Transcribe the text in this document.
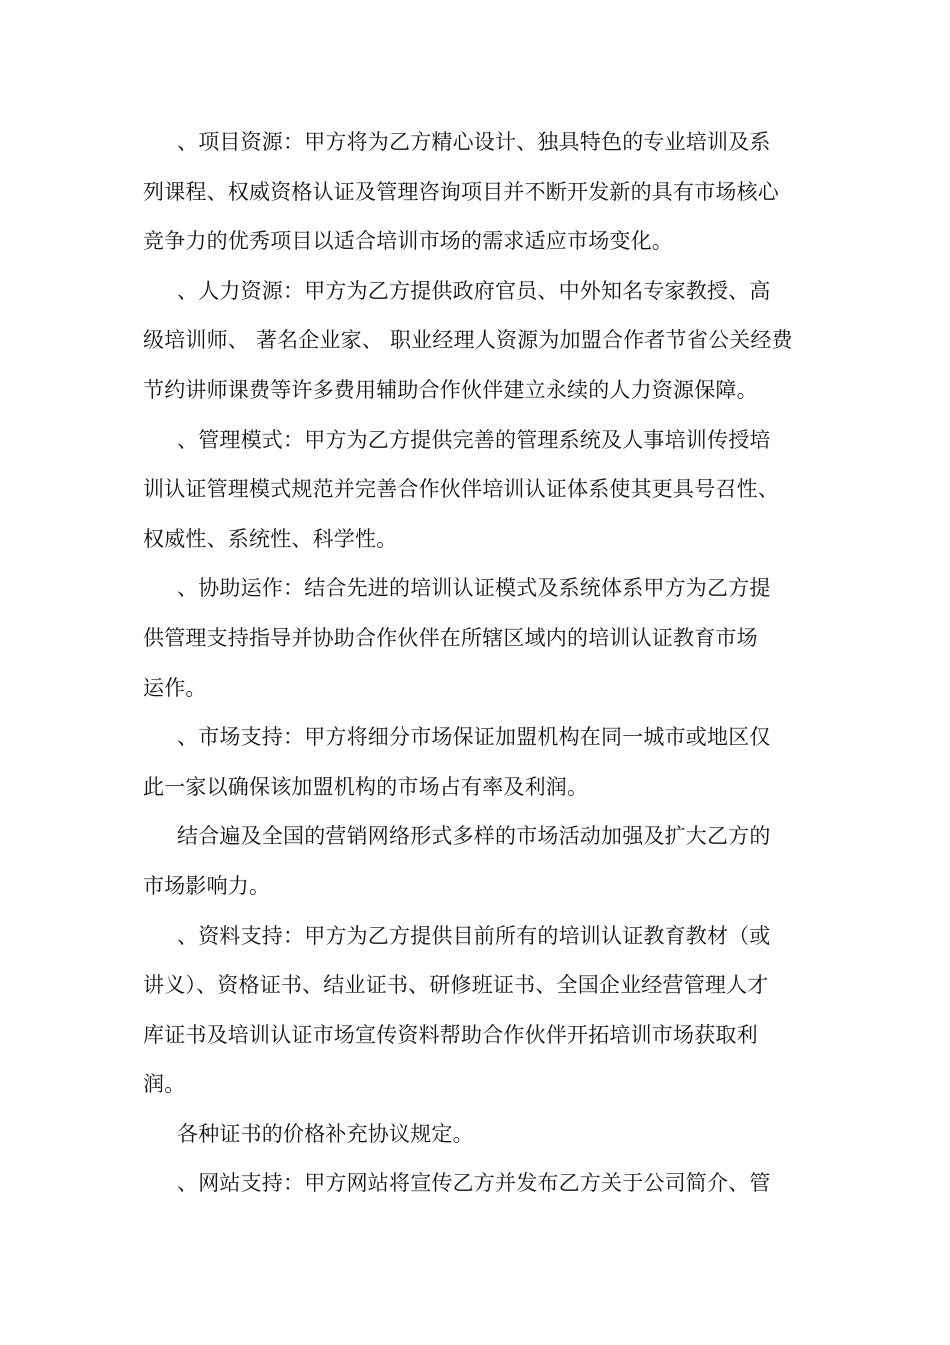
、项目资源：甲方将为乙方精心设计、独具特色的专业培训及系
列课程、权威资格认证及管理咨询项目并不断开发新的具有市场核心
竞争力的优秀项目以适合培训市场的需求适应市场变化。
、人力资源：甲方为乙方提供政府官员、中外知名专家教授、高
级培训师、 著名企业家、 职业经理人资源为加盟合作者节省公关经费
节约讲师课费等许多费用辅助合作伙伴建立永续的人力资源保障。
、管理模式：甲方为乙方提供完善的管理系统及人事培训传授培
训认证管理模式规范并完善合作伙伴培训认证体系使其更具号召性、
权威性、系统性、科学性。
、协助运作：结合先进的培训认证模式及系统体系甲方为乙方提
供管理支持指导并协助合作伙伴在所辖区域内的培训认证教育市场
运作。
、市场支持：甲方将细分市场保证加盟机构在同一城市或地区仅
此一家以确保该加盟机构的市场占有率及利润。
结合遍及全国的营销网络形式多样的市场活动加强及扩大乙方的
市场影响力。
、资料支持：甲方为乙方提供目前所有的培训认证教育教材（或
讲义）、资格证书、结业证书、研修班证书、全国企业经营管理人才
库证书及培训认证市场宣传资料帮助合作伙伴开拓培训市场获取利
润。
各种证书的价格补充协议规定。
、网站支持：甲方网站将宣传乙方并发布乙方关于公司简介、管
